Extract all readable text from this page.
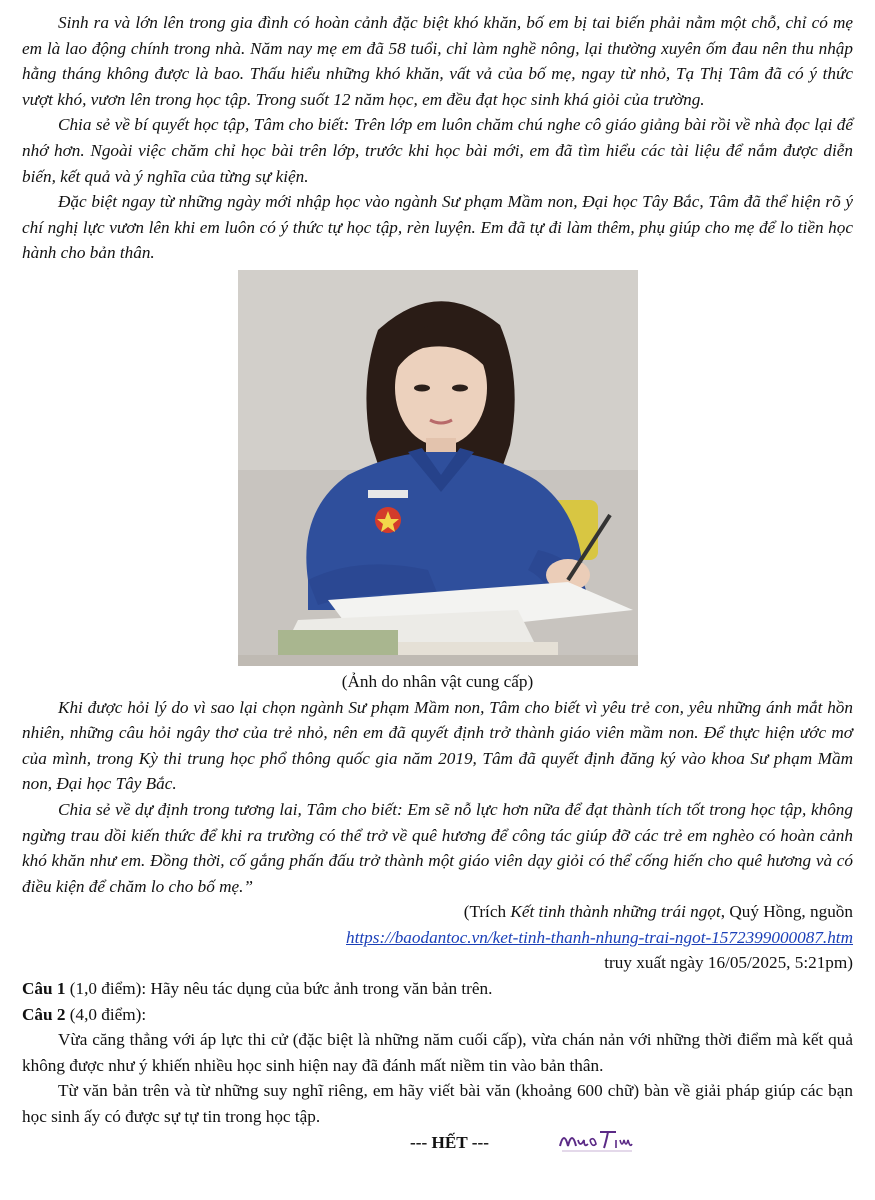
Sinh ra và lớn lên trong gia đình có hoàn cảnh đặc biệt khó khăn, bố em bị tai biến phải nằm một chỗ, chỉ có mẹ em là lao động chính trong nhà. Năm nay mẹ em đã 58 tuổi, chỉ làm nghề nông, lại thường xuyên ốm đau nên thu nhập hằng tháng không được là bao. Thấu hiểu những khó khăn, vất vả của bố mẹ, ngay từ nhỏ, Tạ Thị Tâm đã có ý thức vượt khó, vươn lên trong học tập. Trong suốt 12 năm học, em đều đạt học sinh khá giỏi của trường.

Chia sẻ về bí quyết học tập, Tâm cho biết: Trên lớp em luôn chăm chú nghe cô giáo giảng bài rồi về nhà đọc lại để nhớ hơn. Ngoài việc chăm chỉ học bài trên lớp, trước khi học bài mới, em đã tìm hiểu các tài liệu để nắm được diễn biến, kết quả và ý nghĩa của từng sự kiện.

Đặc biệt ngay từ những ngày mới nhập học vào ngành Sư phạm Mầm non, Đại học Tây Bắc, Tâm đã thể hiện rõ ý chí nghị lực vươn lên khi em luôn có ý thức tự học tập, rèn luyện. Em đã tự đi làm thêm, phụ giúp cho mẹ để lo tiền học hành cho bản thân.

(Ảnh do nhân vật cung cấp)

Khi được hỏi lý do vì sao lại chọn ngành Sư phạm Mầm non, Tâm cho biết vì yêu trẻ con, yêu những ánh mắt hồn nhiên, những câu hỏi ngây thơ của trẻ nhỏ, nên em đã quyết định trở thành giáo viên mầm non. Để thực hiện ước mơ của mình, trong Kỳ thi trung học phổ thông quốc gia năm 2019, Tâm đã quyết định đăng ký vào khoa Sư phạm Mầm non, Đại học Tây Bắc.

Chia sẻ về dự định trong tương lai, Tâm cho biết: Em sẽ nỗ lực hơn nữa để đạt thành tích tốt trong học tập, không ngừng trau dồi kiến thức để khi ra trường có thể trở về quê hương để công tác giúp đỡ các trẻ em nghèo có hoàn cảnh khó khăn như em. Đồng thời, cố gắng phấn đấu trở thành một giáo viên dạy giỏi có thể cống hiến cho quê hương và có điều kiện để chăm lo cho bố mẹ.”

(Trích Kết tinh thành những trái ngọt, Quý Hồng, nguồn
https://baodantoc.vn/ket-tinh-thanh-nhung-trai-ngot-1572399000087.htm
truy xuất ngày 16/05/2025, 5:21pm)
Câu 1 (1,0 điểm): Hãy nêu tác dụng của bức ảnh trong văn bản trên.
Câu 2 (4,0 điểm):

Vừa căng thẳng với áp lực thi cử (đặc biệt là những năm cuối cấp), vừa chán nản với những thời điểm mà kết quả không được như ý khiến nhiều học sinh hiện nay đã đánh mất niềm tin vào bản thân.

Từ văn bản trên và từ những suy nghĩ riêng, em hãy viết bài văn (khoảng 600 chữ) bàn về giải pháp giúp các bạn học sinh ấy có được sự tự tin trong học tập.

--- HẾT ---
